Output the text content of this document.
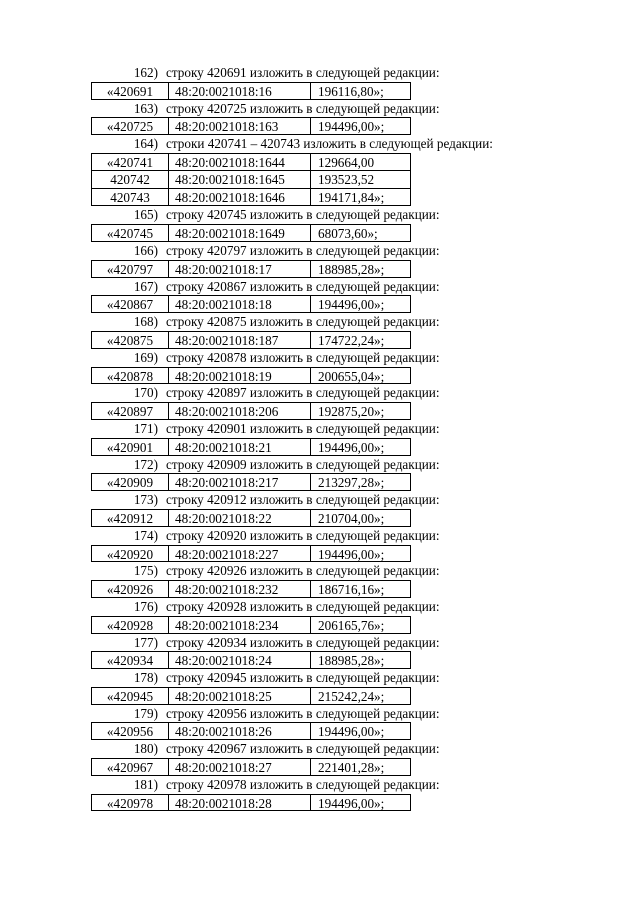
162) строку 420691 изложить в следующей редакции:
«420691	48:20:0021018:16	196116,80»;
163) строку 420725 изложить в следующей редакции:
«420725	48:20:0021018:163	194496,00»;
164) строки 420741 – 420743 изложить в следующей редакции:
«420741	48:20:0021018:1644	129664,00
420742	48:20:0021018:1645	193523,52
420743	48:20:0021018:1646	194171,84»;
165) строку 420745 изложить в следующей редакции:
«420745	48:20:0021018:1649	68073,60»;
166) строку 420797 изложить в следующей редакции:
«420797	48:20:0021018:17	188985,28»;
167) строку 420867 изложить в следующей редакции:
«420867	48:20:0021018:18	194496,00»;
168) строку 420875 изложить в следующей редакции:
«420875	48:20:0021018:187	174722,24»;
169) строку 420878 изложить в следующей редакции:
«420878	48:20:0021018:19	200655,04»;
170) строку 420897 изложить в следующей редакции:
«420897	48:20:0021018:206	192875,20»;
171) строку 420901 изложить в следующей редакции:
«420901	48:20:0021018:21	194496,00»;
172) строку 420909 изложить в следующей редакции:
«420909	48:20:0021018:217	213297,28»;
173) строку 420912 изложить в следующей редакции:
«420912	48:20:0021018:22	210704,00»;
174) строку 420920 изложить в следующей редакции:
«420920	48:20:0021018:227	194496,00»;
175) строку 420926 изложить в следующей редакции:
«420926	48:20:0021018:232	186716,16»;
176) строку 420928 изложить в следующей редакции:
«420928	48:20:0021018:234	206165,76»;
177) строку 420934 изложить в следующей редакции:
«420934	48:20:0021018:24	188985,28»;
178) строку 420945 изложить в следующей редакции:
«420945	48:20:0021018:25	215242,24»;
179) строку 420956 изложить в следующей редакции:
«420956	48:20:0021018:26	194496,00»;
180) строку 420967 изложить в следующей редакции:
«420967	48:20:0021018:27	221401,28»;
181) строку 420978 изложить в следующей редакции:
«420978	48:20:0021018:28	194496,00»;
